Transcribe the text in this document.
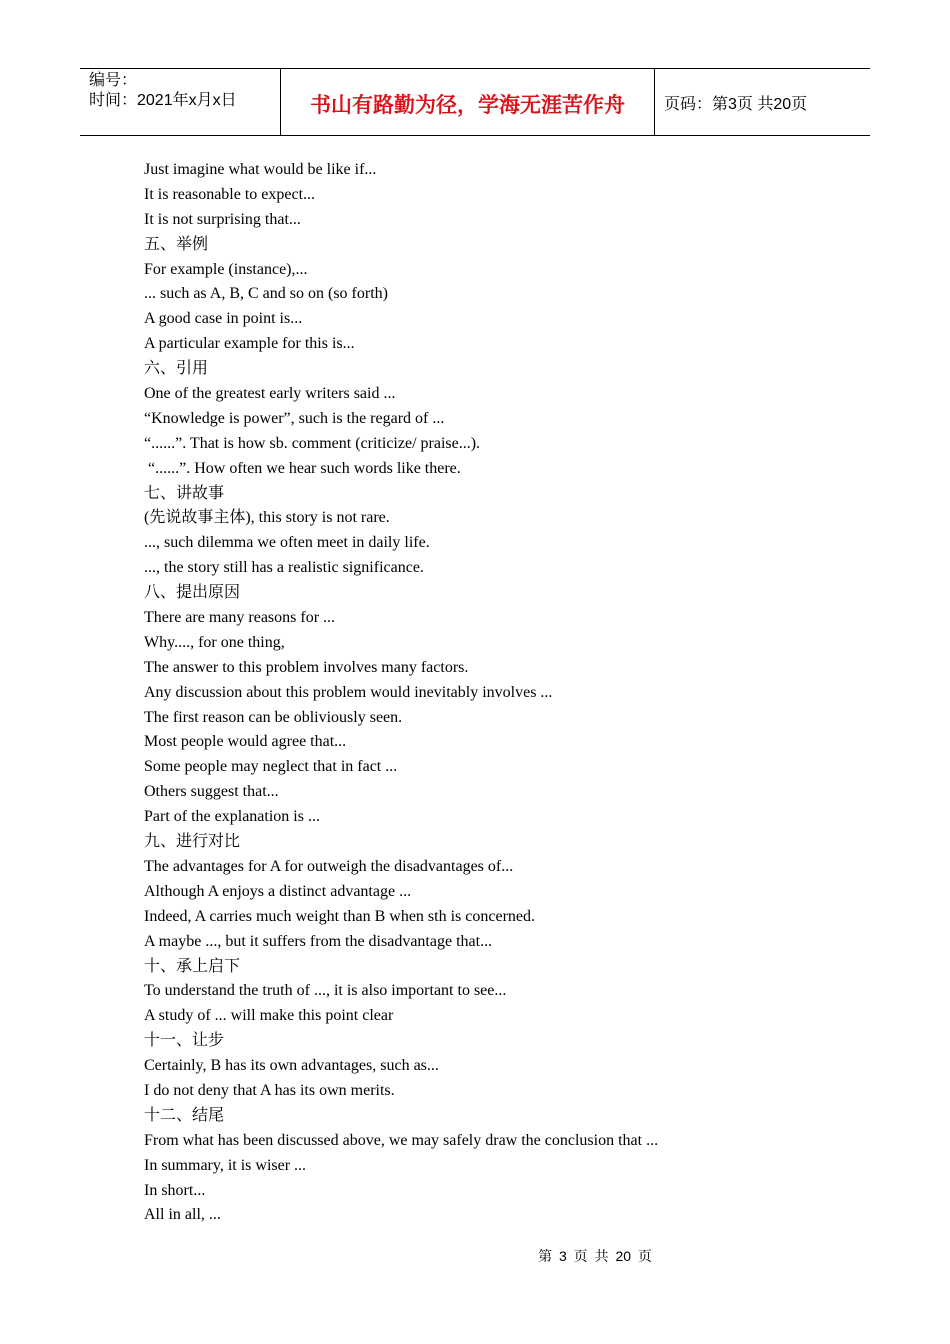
编号：
时间：2021年x月x日	书山有路勤为径，学海无涯苦作舟	页码：第3页 共20页
Just imagine what would be like if...
It is reasonable to expect...
It is not surprising that...
五、举例
For example (instance),...
... such as A, B, C and so on (so forth)
A good case in point is...
A particular example for this is...
六、引用
One of the greatest early writers said ...
“Knowledge is power”, such is the regard of ...
“......”. That is how sb. comment (criticize/ praise...).
“......”. How often we hear such words like there.
七、讲故事
(先说故事主体), this story is not rare.
..., such dilemma we often meet in daily life.
..., the story still has a realistic significance.
八、提出原因
There are many reasons for ...
Why...., for one thing,
The answer to this problem involves many factors.
Any discussion about this problem would inevitably involves ...
The first reason can be obliviously seen.
Most people would agree that...
Some people may neglect that in fact ...
Others suggest that...
Part of the explanation is ...
九、进行对比
The advantages for A for outweigh the disadvantages of...
Although A enjoys a distinct advantage ...
Indeed, A carries much weight than B when sth is concerned.
A maybe ..., but it suffers from the disadvantage that...
十、承上启下
To understand the truth of ..., it is also important to see...
A study of ... will make this point clear
十一、让步
Certainly, B has its own advantages, such as...
I do not deny that A has its own merits.
十二、结尾
From what has been discussed above, we may safely draw the conclusion that ...
In summary, it is wiser ...
In short...
All in all, ...
第 3 页 共 20 页
